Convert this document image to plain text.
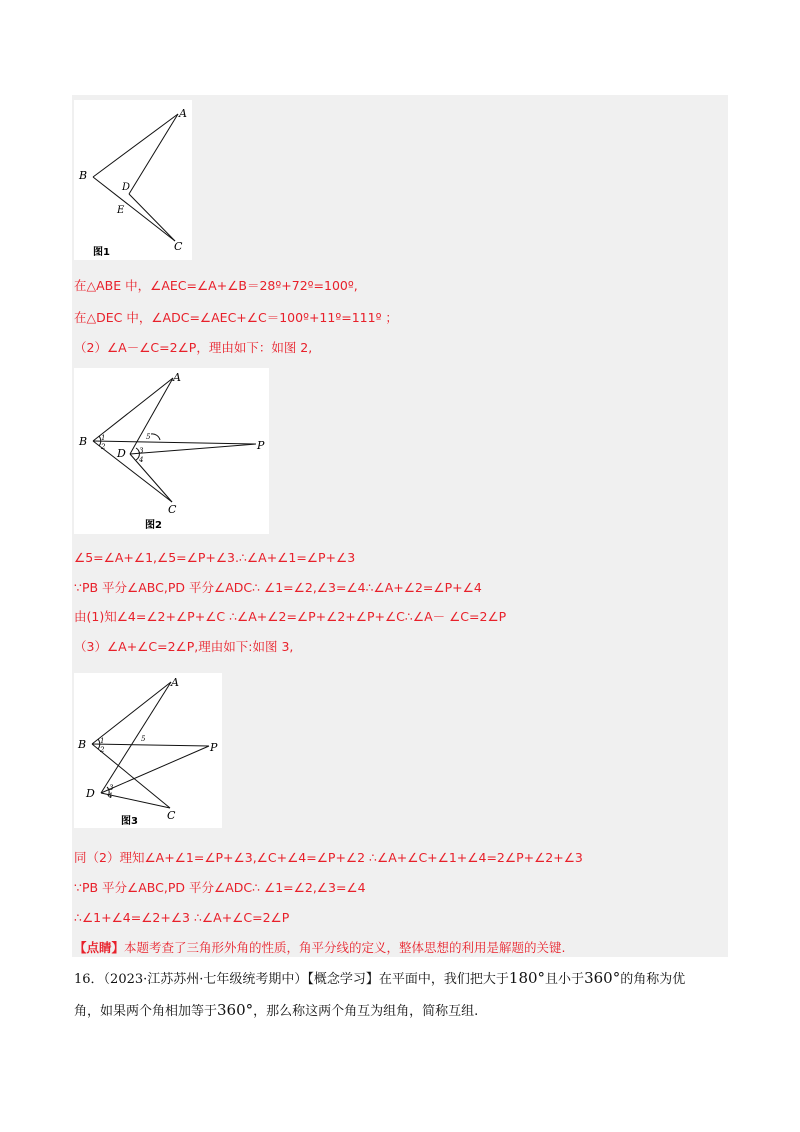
A
B
D
E
C
图1
在△ABE 中，∠AEC=∠A+∠B＝28º+72º=100º,
在△DEC 中，∠ADC=∠AEC+∠C＝100º+11º=111º ；
（2）∠A－∠C=2∠P，理由如下：如图 2,
A
B
D
P
C
1
2	3
4
5
图2
∠5=∠A+∠1,∠5=∠P+∠3.∴∠A+∠1=∠P+∠3
∵PB 平分∠ABC,PD 平分∠ADC∴ ∠1=∠2,∠3=∠4∴∠A+∠2=∠P+∠4
由(1)知∠4=∠2+∠P+∠C ∴∠A+∠2=∠P+∠2+∠P+∠C∴∠A－ ∠C=2∠P
（3）∠A+∠C=2∠P,理由如下:如图 3,
A
B
D
P
C
1
2
3
4
5
图3
同（2）理知∠A+∠1=∠P+∠3,∠C+∠4=∠P+∠2 ∴∠A+∠C+∠1+∠4=2∠P+∠2+∠3
∵PB 平分∠ABC,PD 平分∠ADC∴ ∠1=∠2,∠3=∠4
∴∠1+∠4=∠2+∠3 ∴∠A+∠C=2∠P
【点睛】本题考查了三角形外角的性质，角平分线的定义，整体思想的利用是解题的关键.
16．（2023·江苏苏州·七年级统考期中）【概念学习】在平面中，我们把大于180°且小于360°的角称为优
角，如果两个角相加等于360°，那么称这两个角互为组角，简称互组.
